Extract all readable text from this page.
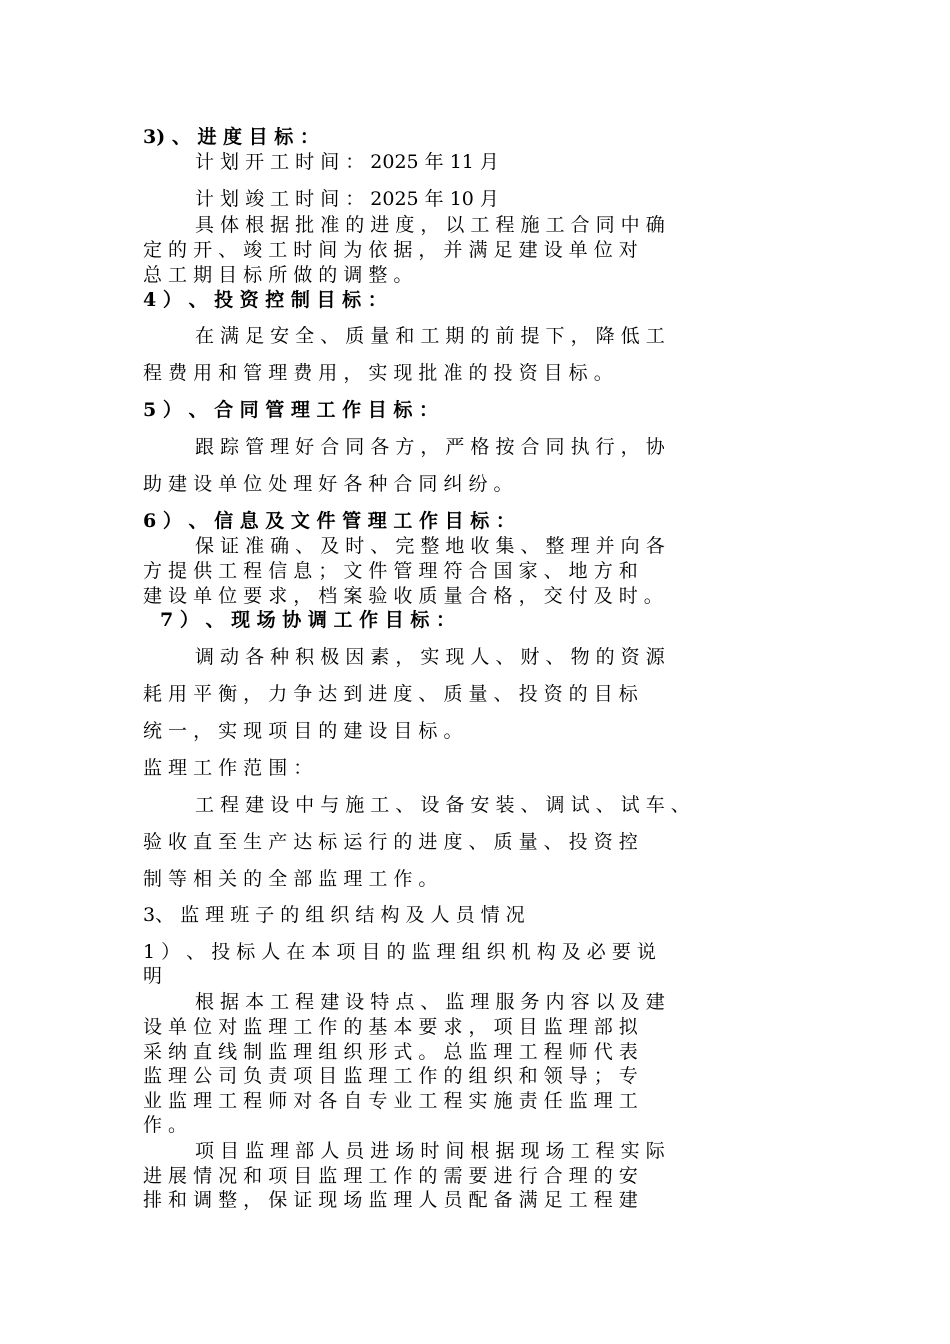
3) 、 进 度 目 标 ：
计 划 开 工 时 间 ： 2025 年 11 月
计 划 竣 工 时 间 ： 2025 年 10 月
具 体 根 据 批 准 的 进 度 ， 以 工 程 施 工 合 同 中 确
定 的 开 、 竣 工 时 间 为 依 据 ， 并 满 足 建 设 单 位 对
总 工 期 目 标 所 做 的 调 整 。
4 ） 、 投 资 控 制 目 标 ：
在 满 足 安 全 、 质 量 和 工 期 的 前 提 下 ， 降 低 工
程 费 用 和 管 理 费 用 ， 实 现 批 准 的 投 资 目 标 。
5 ） 、 合 同 管 理 工 作 目 标 ：
跟 踪 管 理 好 合 同 各 方 ， 严 格 按 合 同 执 行 ， 协
助 建 设 单 位 处 理 好 各 种 合 同 纠 纷 。
6 ） 、 信 息 及 文 件 管 理 工 作 目 标 ：
保 证 准 确 、 及 时 、 完 整 地 收 集 、 整 理 并 向 各
方 提 供 工 程 信 息 ； 文 件 管 理 符 合 国 家 、 地 方 和
建 设 单 位 要 求 ， 档 案 验 收 质 量 合 格 ， 交 付 及 时 。
7 ） 、 现 场 协 调 工 作 目 标 ：
调 动 各 种 积 极 因 素 ， 实 现 人 、 财 、 物 的 资 源
耗 用 平 衡 ， 力 争 达 到 进 度 、 质 量 、 投 资 的 目 标
统 一 ， 实 现 项 目 的 建 设 目 标 。
监 理 工 作 范 围 ：
工 程 建 设 中 与 施 工 、 设 备 安 装 、 调 试 、 试 车 、
验 收 直 至 生 产 达 标 运 行 的 进 度 、 质 量 、 投 资 控
制 等 相 关 的 全 部 监 理 工 作 。
3、 监 理 班 子 的 组 织 结 构 及 人 员 情 况
1 ） 、 投 标 人 在 本 项 目 的 监 理 组 织 机 构 及 必 要 说
明
根 据 本 工 程 建 设 特 点 、 监 理 服 务 内 容 以 及 建
设 单 位 对 监 理 工 作 的 基 本 要 求 ， 项 目 监 理 部 拟
采 纳 直 线 制 监 理 组 织 形 式 。 总 监 理 工 程 师 代 表
监 理 公 司 负 责 项 目 监 理 工 作 的 组 织 和 领 导 ； 专
业 监 理 工 程 师 对 各 自 专 业 工 程 实 施 责 任 监 理 工
作 。
项 目 监 理 部 人 员 进 场 时 间 根 据 现 场 工 程 实 际
进 展 情 况 和 项 目 监 理 工 作 的 需 要 进 行 合 理 的 安
排 和 调 整 ， 保 证 现 场 监 理 人 员 配 备 满 足 工 程 建
